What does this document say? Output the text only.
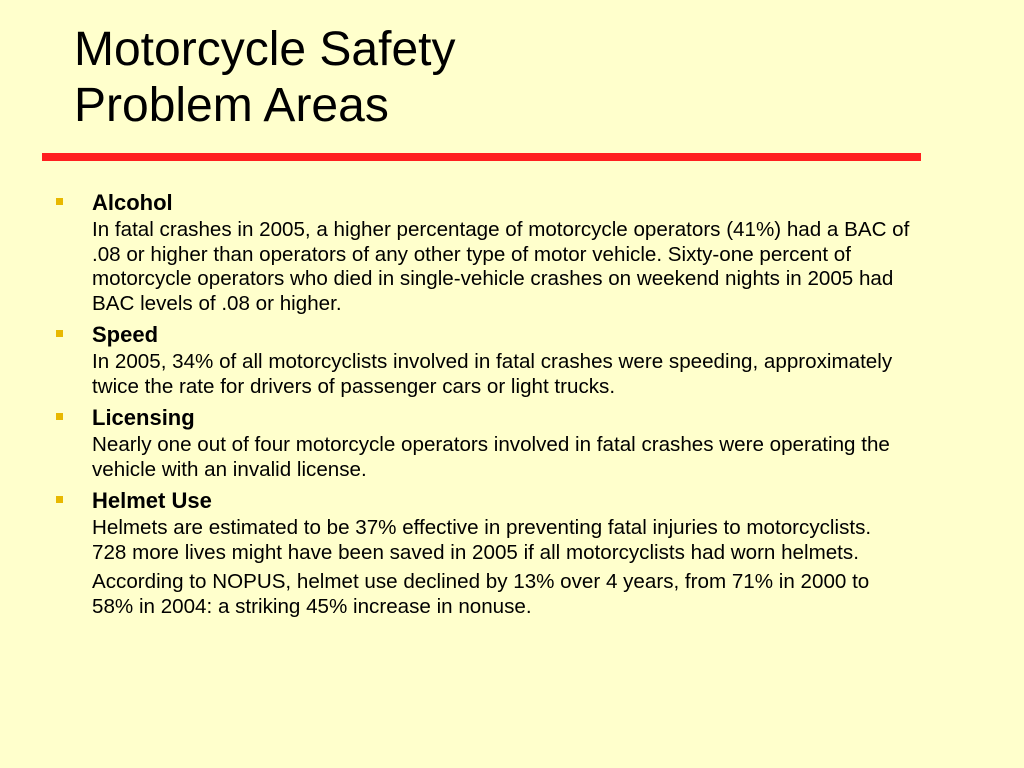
Motorcycle Safety
Problem Areas
Alcohol

In fatal crashes in 2005, a higher percentage of motorcycle operators (41%) had a BAC of .08 or higher than operators of any other type of motor vehicle. Sixty-one percent of motorcycle operators who died in single-vehicle crashes on weekend nights in 2005 had BAC levels of .08 or higher.

Speed

In 2005, 34% of all motorcyclists involved in fatal crashes were speeding, approximately twice the rate for drivers of passenger cars or light trucks.

Licensing

Nearly one out of four motorcycle operators involved in fatal crashes were operating the vehicle with an invalid license.

Helmet Use

Helmets are estimated to be 37% effective in preventing fatal injuries to motorcyclists. 728 more lives might have been saved in 2005 if all motorcyclists had worn helmets.

According to NOPUS, helmet use declined by 13% over 4 years, from 71% in 2000 to 58% in 2004: a striking 45% increase in nonuse.
